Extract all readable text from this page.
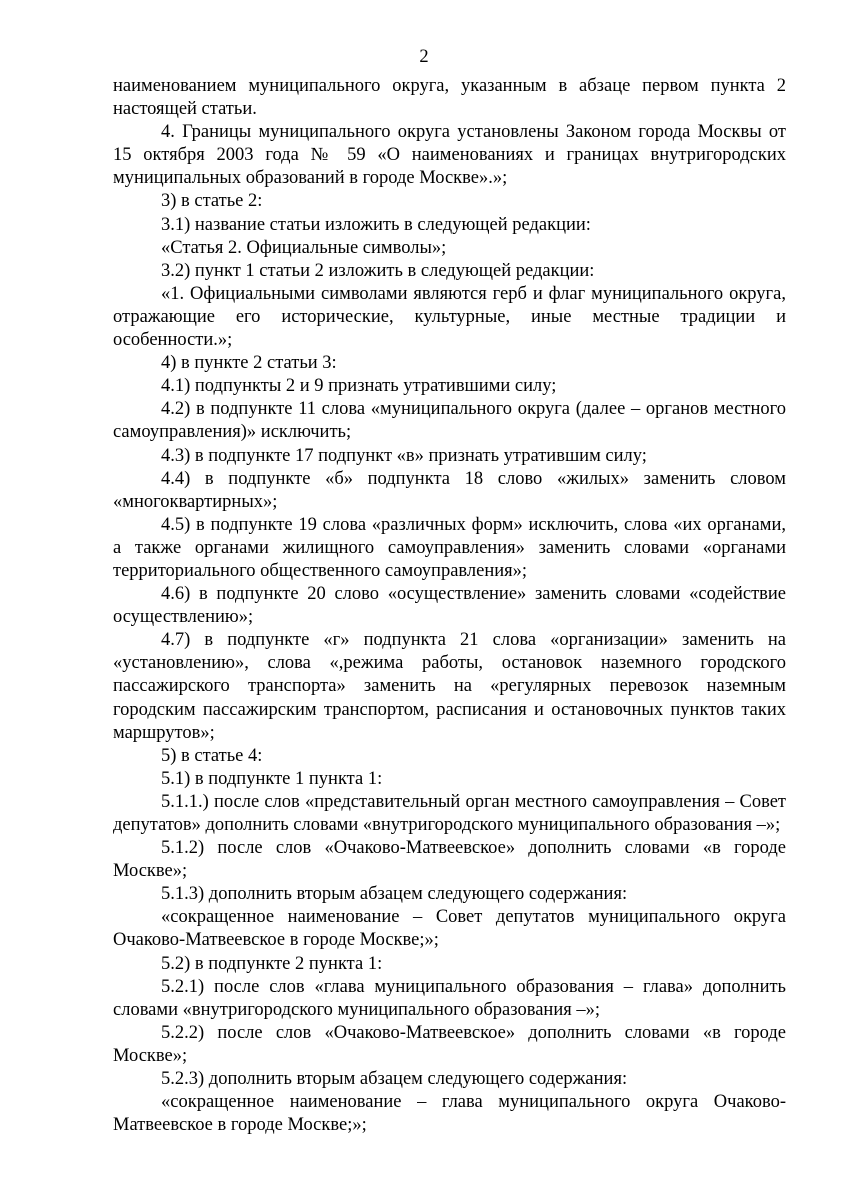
2

наименованием муниципального округа, указанным в абзаце первом пункта 2 настоящей статьи.

4. Границы муниципального округа установлены Законом города Москвы от 15 октября 2003 года № 59 «О наименованиях и границах внутригородских муниципальных образований в городе Москве».»;

3) в статье 2:

3.1) название статьи изложить в следующей редакции:

«Статья 2. Официальные символы»;

3.2) пункт 1 статьи 2 изложить в следующей редакции:

«1. Официальными символами являются герб и флаг муниципального округа, отражающие его исторические, культурные, иные местные традиции и особенности.»;

4) в пункте 2 статьи 3:

4.1) подпункты 2 и 9 признать утратившими силу;

4.2) в подпункте 11 слова «муниципального округа (далее – органов местного самоуправления)» исключить;

4.3) в подпункте 17 подпункт «в» признать утратившим силу;

4.4) в подпункте «б» подпункта 18 слово «жилых» заменить словом «многоквартирных»;

4.5) в подпункте 19 слова «различных форм» исключить, слова «их органами, а также органами жилищного самоуправления» заменить словами «органами территориального общественного самоуправления»;

4.6) в подпункте 20 слово «осуществление» заменить словами «содействие осуществлению»;

4.7) в подпункте «г» подпункта 21 слова «организации» заменить на «установлению», слова «,режима работы, остановок наземного городского пассажирского транспорта» заменить на «регулярных перевозок наземным городским пассажирским транспортом, расписания и остановочных пунктов таких маршрутов»;

5) в статье 4:

5.1) в подпункте 1 пункта 1:

5.1.1.) после слов «представительный орган местного самоуправления – Совет депутатов» дополнить словами «внутригородского муниципального образования –»;

5.1.2) после слов «Очаково-Матвеевское» дополнить словами «в городе Москве»;

5.1.3) дополнить вторым абзацем следующего содержания:

«сокращенное наименование – Совет депутатов муниципального округа Очаково-Матвеевское в городе Москве;»;

5.2) в подпункте 2 пункта 1:

5.2.1) после слов «глава муниципального образования – глава» дополнить словами «внутригородского муниципального образования –»;

5.2.2) после слов «Очаково-Матвеевское» дополнить словами «в городе Москве»;

5.2.3) дополнить вторым абзацем следующего содержания:

«сокращенное наименование – глава муниципального округа Очаково-Матвеевское в городе Москве;»;
